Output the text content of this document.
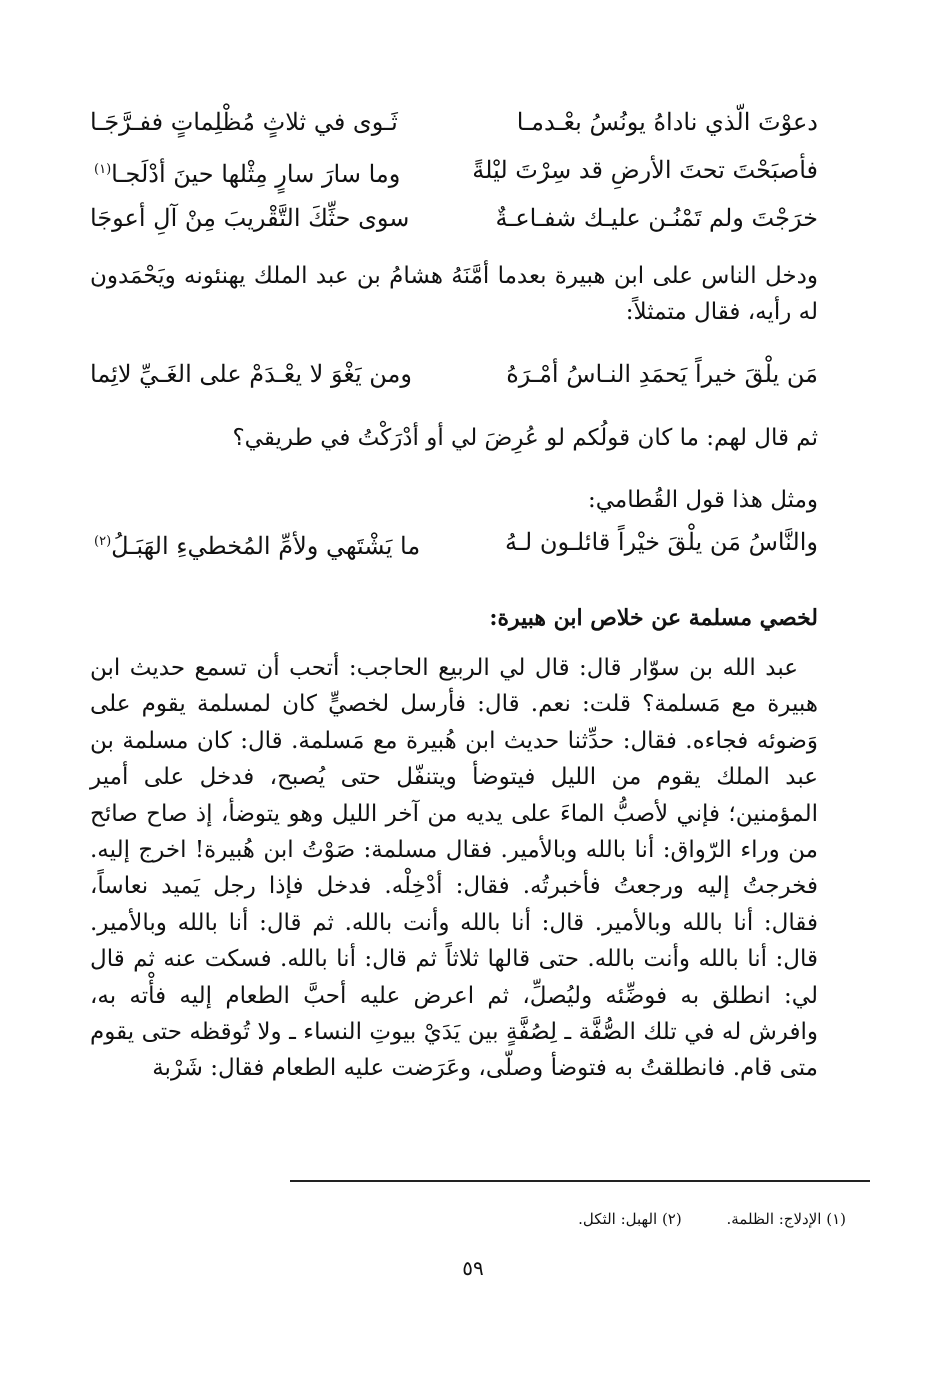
دعوْتَ الّذي ناداهُ يونُسُ بعْـدمـا
ثَـوى في ثلاثٍ مُظْلِماتٍ ففـرَّجَـا
فأصبَحْتَ تحتَ الأرضِ قد سِرْتَ ليْلةً
وما سارَ سارٍ مِثْلها حينَ أدْلَجـا$^{(١)}$
خرَجْتَ ولم تَمْنُـن عليـك شفـاعـةٌ
سوى حثِّكَ التَّقْريبَ مِنْ آلِ أعوجَا
ودخل الناس على ابن هبيرة بعدما أمَّنَهُ هشامُ بن عبد الملك يهنئونه ويَحْمَدون له رأيه، فقال متمثلاً:
مَن يلْقَ خيراً يَحمَدِ النـاسُ أمْـرَهُ
ومن يَغْوَ لا يعْـدَمْ على الغَـيِّ لائِما
ثم قال لهم: ما كان قولُكم لو عُرِضَ لي أو أدْرَكْتُ في طريقي؟
ومثل هذا قول القُطامي:
والنَّاسُ مَن يلْقَ خيْراً قائلـون لـهُ
ما يَشْتَهي ولأمِّ المُخطيءِ الهَبَـلُ$^{(٢)}$
لخصي مسلمة عن خلاص ابن هبيرة:
عبد الله بن سوّار قال: قال لي الربيع الحاجب: أتحب أن تسمع حديث ابن هبيرة مع مَسلمة؟ قلت: نعم. قال: فأرسل لخصيٍّ كان لمسلمة يقوم على وَضوئه فجاءه. فقال: حدِّثنا حديث ابن هُبيرة مع مَسلمة. قال: كان مسلمة بن عبد الملك يقوم من الليل فيتوضأ ويتنفّل حتى يُصبح، فدخل على أمير المؤمنين؛ فإني لأصبُّ الماءَ على يديه من آخر الليل وهو يتوضأ، إذ صاح صائح من وراء الرّواق: أنا بالله وبالأمير. فقال مسلمة: صَوْتُ ابن هُبيرة! اخرج إليه. فخرجتُ إليه ورجعتُ فأخبرتُه. فقال: أدْخِلْه. فدخل فإذا رجل يَميد نعاساً، فقال: أنا بالله وبالأمير. قال: أنا بالله وأنت بالله. ثم قال: أنا بالله وبالأمير. قال: أنا بالله وأنت بالله. حتى قالها ثلاثاً ثم قال: أنا بالله. فسكت عنه ثم قال لي: انطلق به فوضِّئه وليُصلِّ، ثم اعرض عليه أحبَّ الطعام إليه فأْته به، وافرش له في تلك الصُّفَّة ـ لِصُفَّةٍ بين يَدَيْ بيوتِ النساء ـ ولا تُوقظه حتى يقوم متى قام. فانطلقتُ به فتوضأ وصلّى، وعَرَضت عليه الطعام فقال: شَرْبة
(١) الإدلاج: الظلمة. (٢) الهبل: الثكل.
٥٩
